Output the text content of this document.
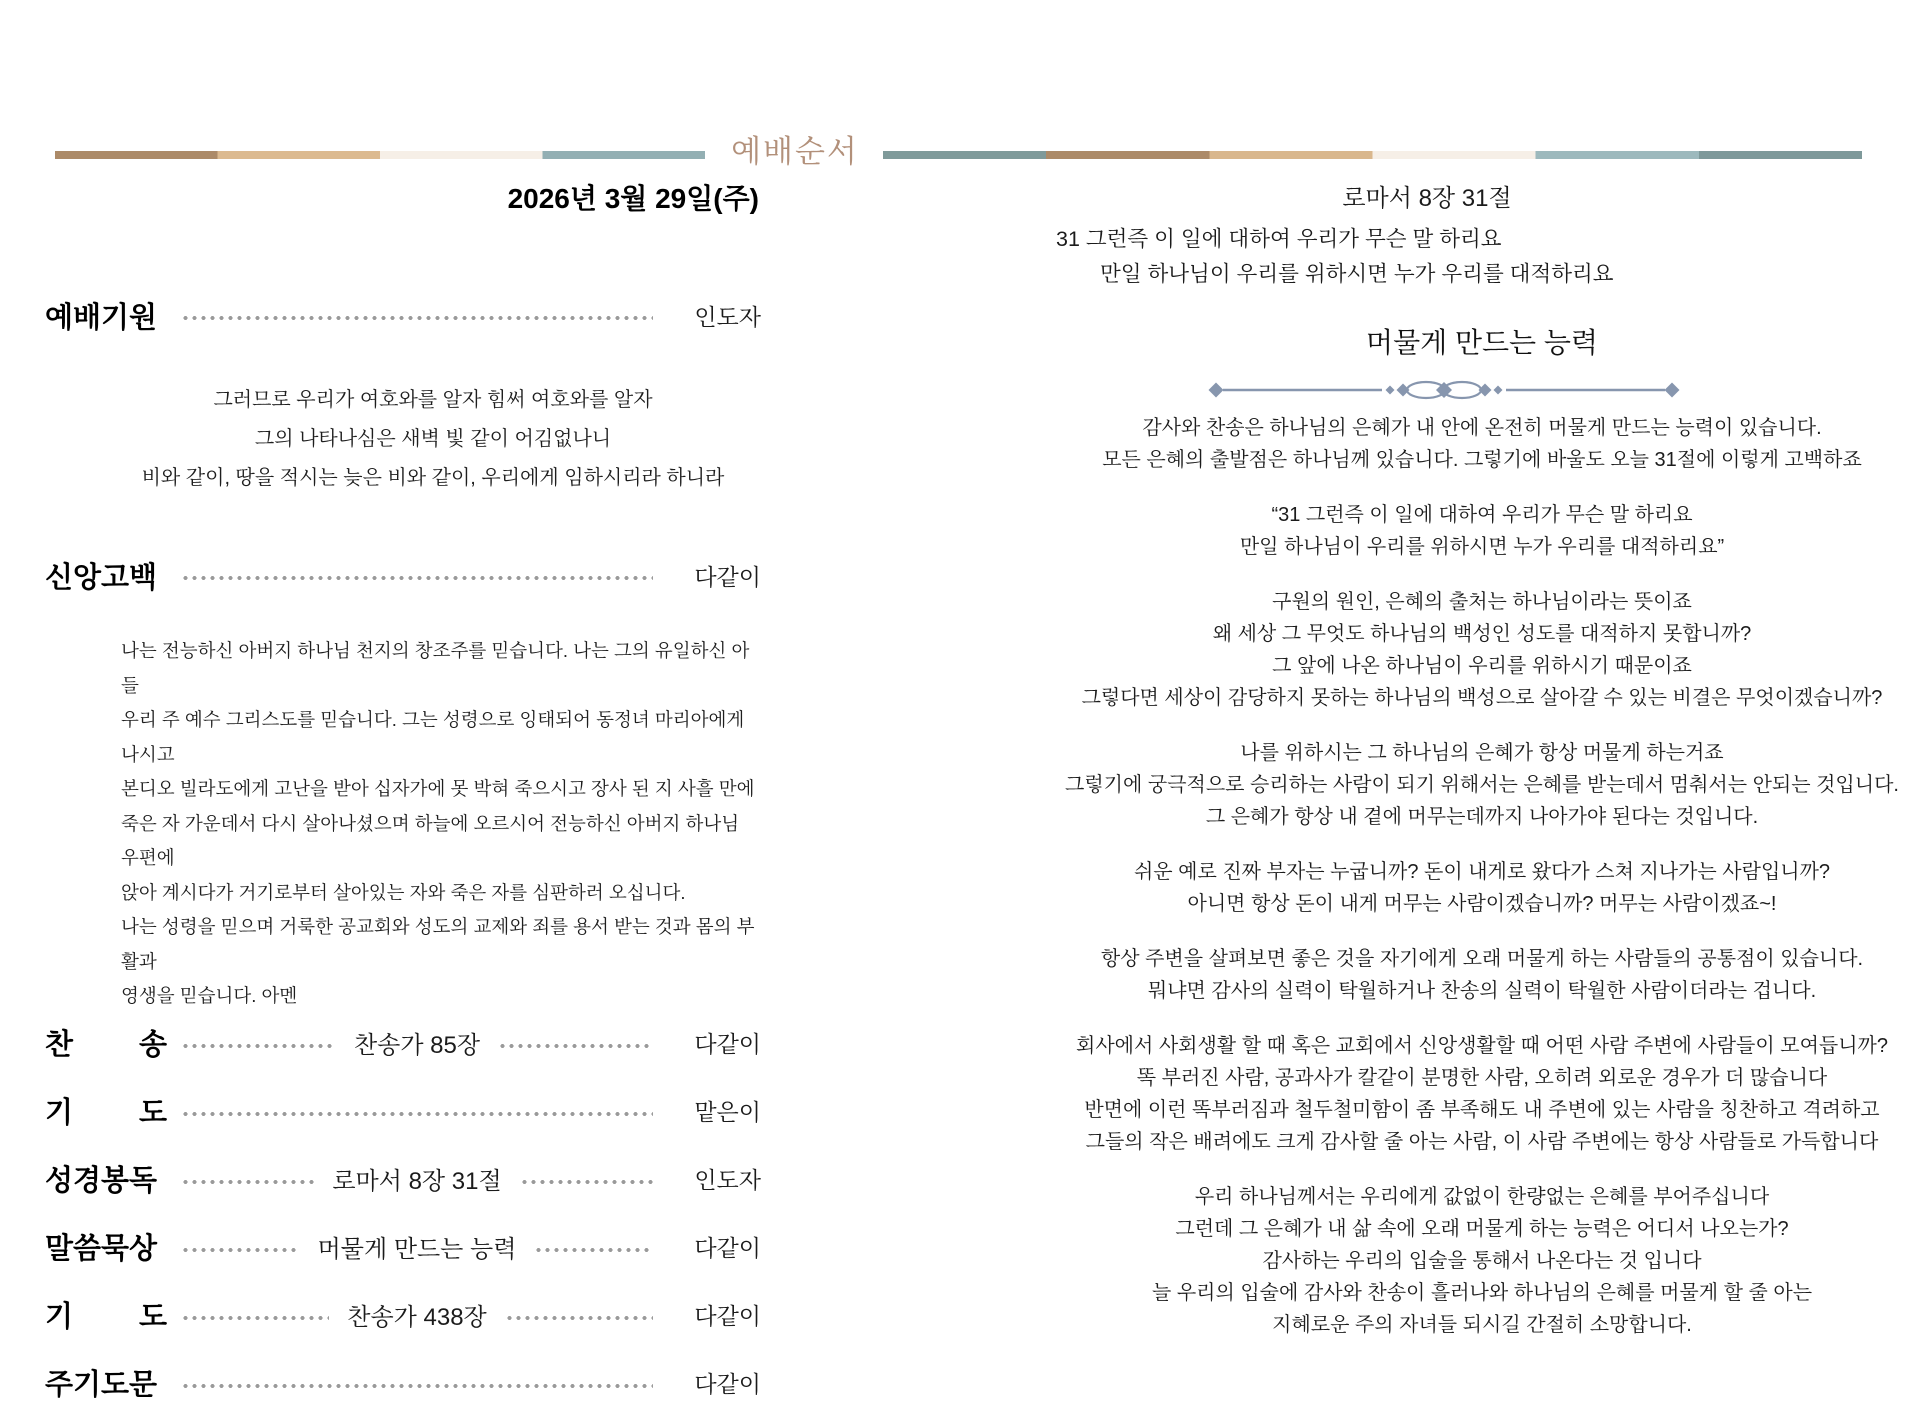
예배순서
2026년 3월 29일(주)
예배기원	인도자
그러므로 우리가 여호와를 알자 힘써 여호와를 알자
그의 나타나심은 새벽 빛 같이 어김없나니
비와 같이, 땅을 적시는 늦은 비와 같이, 우리에게 임하시리라 하니라
신앙고백	다같이
나는 전능하신 아버지 하나님 천지의 창조주를 믿습니다. 나는 그의 유일하신 아들
우리 주 예수 그리스도를 믿습니다. 그는 성령으로 잉태되어 동정녀 마리아에게 나시고
본디오 빌라도에게 고난을 받아 십자가에 못 박혀 죽으시고 장사 된 지 사흘 만에
죽은 자 가운데서 다시 살아나셨으며 하늘에 오르시어 전능하신 아버지 하나님 우편에
앉아 계시다가 거기로부터 살아있는 자와 죽은 자를 심판하러 오십니다.
나는 성령을 믿으며 거룩한 공교회와 성도의 교제와 죄를 용서 받는 것과 몸의 부활과
영생을 믿습니다. 아멘
찬 송	찬송가 85장	다같이
기 도	맡은이
성경봉독	로마서 8장 31절	인도자
말씀묵상	머물게 만드는 능력	다같이
기 도	찬송가 438장	다같이
주기도문	다같이
로마서 8장 31절
31 그런즉 이 일에 대하여 우리가 무슨 말 하리요
만일 하나님이 우리를 위하시면 누가 우리를 대적하리요
머물게 만드는 능력
감사와 찬송은 하나님의 은혜가 내 안에 온전히 머물게 만드는 능력이 있습니다.
모든 은혜의 출발점은 하나님께 있습니다. 그렇기에 바울도 오늘 31절에 이렇게 고백하죠
“31 그런즉 이 일에 대하여 우리가 무슨 말 하리요
만일 하나님이 우리를 위하시면 누가 우리를 대적하리요”
구원의 원인, 은혜의 출처는 하나님이라는 뜻이죠
왜 세상 그 무엇도 하나님의 백성인 성도를 대적하지 못합니까?
그 앞에 나온 하나님이 우리를 위하시기 때문이죠
그렇다면 세상이 감당하지 못하는 하나님의 백성으로 살아갈 수 있는 비결은 무엇이겠습니까?
나를 위하시는 그 하나님의 은혜가 항상 머물게 하는거죠
그렇기에 궁극적으로 승리하는 사람이 되기 위해서는 은혜를 받는데서 멈춰서는 안되는 것입니다.
그 은혜가 항상 내 곁에 머무는데까지 나아가야 된다는 것입니다.
쉬운 예로 진짜 부자는 누굽니까? 돈이 내게로 왔다가 스쳐 지나가는 사람입니까?
아니면 항상 돈이 내게 머무는 사람이겠습니까? 머무는 사람이겠죠~!
항상 주변을 살펴보면 좋은 것을 자기에게 오래 머물게 하는 사람들의 공통점이 있습니다.
뭐냐면 감사의 실력이 탁월하거나 찬송의 실력이 탁월한 사람이더라는 겁니다.
회사에서 사회생활 할 때 혹은 교회에서 신앙생활할 때 어떤 사람 주변에 사람들이 모여듭니까?
똑 부러진 사람, 공과사가 칼같이 분명한 사람, 오히려 외로운 경우가 더 많습니다
반면에 이런 똑부러짐과 철두철미함이 좀 부족해도 내 주변에 있는 사람을 칭찬하고 격려하고
그들의 작은 배려에도 크게 감사할 줄 아는 사람, 이 사람 주변에는 항상 사람들로 가득합니다
우리 하나님께서는 우리에게 값없이 한량없는 은혜를 부어주십니다
그런데 그 은혜가 내 삶 속에 오래 머물게 하는 능력은 어디서 나오는가?
감사하는 우리의 입술을 통해서 나온다는 것 입니다
늘 우리의 입술에 감사와 찬송이 흘러나와 하나님의 은혜를 머물게 할 줄 아는
지혜로운 주의 자녀들 되시길 간절히 소망합니다.
